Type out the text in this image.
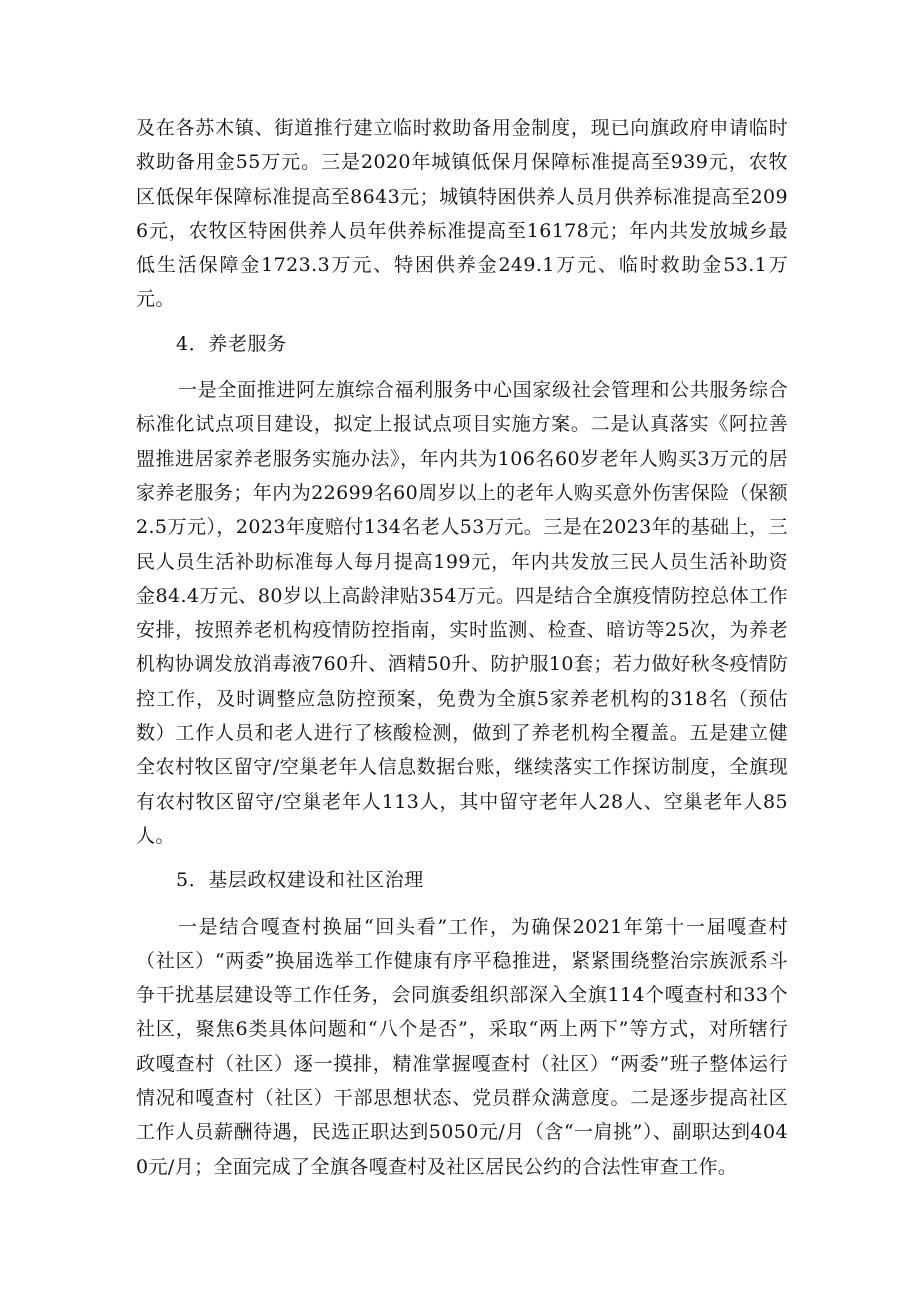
及在各苏木镇、街道推行建立临时救助备用金制度，现已向旗政府申请临时救助备用金55万元。三是2020年城镇低保月保障标准提高至939元，农牧区低保年保障标准提高至8643元；城镇特困供养人员月供养标准提高至2096元，农牧区特困供养人员年供养标准提高至16178元；年内共发放城乡最低生活保障金1723.3万元、特困供养金249.1万元、临时救助金53.1万元。

4．养老服务

一是全面推进阿左旗综合福利服务中心国家级社会管理和公共服务综合标准化试点项目建设，拟定上报试点项目实施方案。二是认真落实《阿拉善盟推进居家养老服务实施办法》，年内共为106名60岁老年人购买3万元的居家养老服务；年内为22699名60周岁以上的老年人购买意外伤害保险（保额2.5万元），2023年度赔付134名老人53万元。三是在2023年的基础上，三民人员生活补助标准每人每月提高199元，年内共发放三民人员生活补助资金84.4万元、80岁以上高龄津贴354万元。四是结合全旗疫情防控总体工作安排，按照养老机构疫情防控指南，实时监测、检查、暗访等25次，为养老机构协调发放消毒液760升、酒精50升、防护服10套；若力做好秋冬疫情防控工作，及时调整应急防控预案，免费为全旗5家养老机构的318名（预估数）工作人员和老人进行了核酸检测，做到了养老机构全覆盖。五是建立健全农村牧区留守/空巢老年人信息数据台账，继续落实工作探访制度，全旗现有农村牧区留守/空巢老年人113人，其中留守老年人28人、空巢老年人85人。

5．基层政权建设和社区治理

一是结合嘎查村换届“回头看”工作，为确保2021年第十一届嘎查村（社区）“两委”换届选举工作健康有序平稳推进，紧紧围绕整治宗族派系斗争干扰基层建设等工作任务，会同旗委组织部深入全旗114个嘎查村和33个社区，聚焦6类具体问题和“八个是否”，采取“两上两下”等方式，对所辖行政嘎查村（社区）逐一摸排，精准掌握嘎查村（社区）“两委”班子整体运行情况和嘎查村（社区）干部思想状态、党员群众满意度。二是逐步提高社区工作人员薪酬待遇，民选正职达到5050元/月（含“一肩挑”）、副职达到4040元/月；全面完成了全旗各嘎查村及社区居民公约的合法性审查工作。
